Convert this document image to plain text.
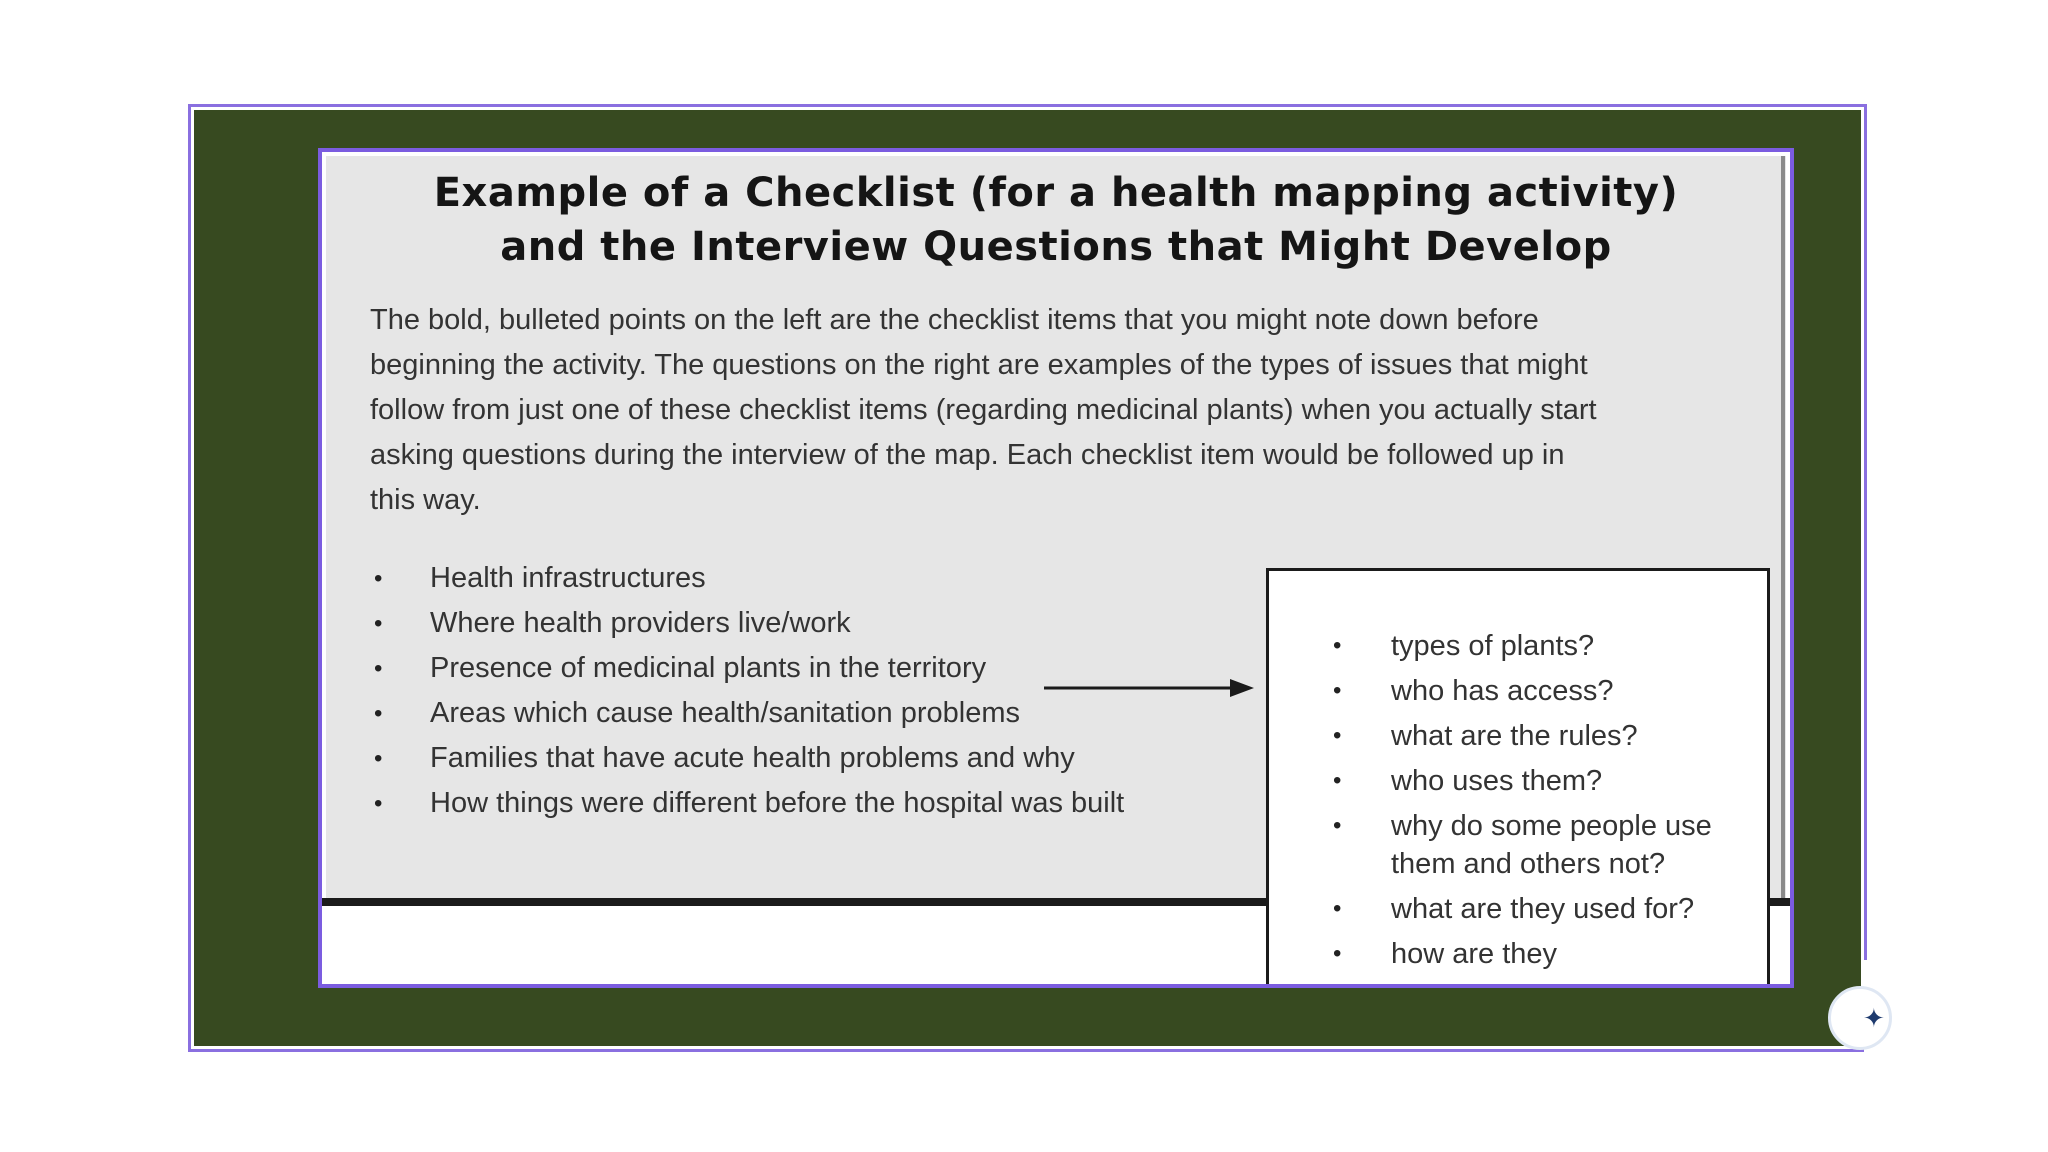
Example of a Checklist (for a health mapping activity)
and the Interview Questions that Might Develop
The bold, bulleted points on the left are the checklist items that you might note down before
beginning the activity. The questions on the right are examples of the types of issues that might
follow from just one of these checklist items (regarding medicinal plants) when you actually start
asking questions during the interview of the map. Each checklist item would be followed up in
this way.
• Health infrastructures
• Where health providers live/work
• Presence of medicinal plants in the territory
• Areas which cause health/sanitation problems
• Families that have acute health problems and why
• How things were different before the hospital was built
• types of plants?
• who has access?
• what are the rules?
• who uses them?
• why do some people use them and others not?
• what are they used for?
• how are they
✦
